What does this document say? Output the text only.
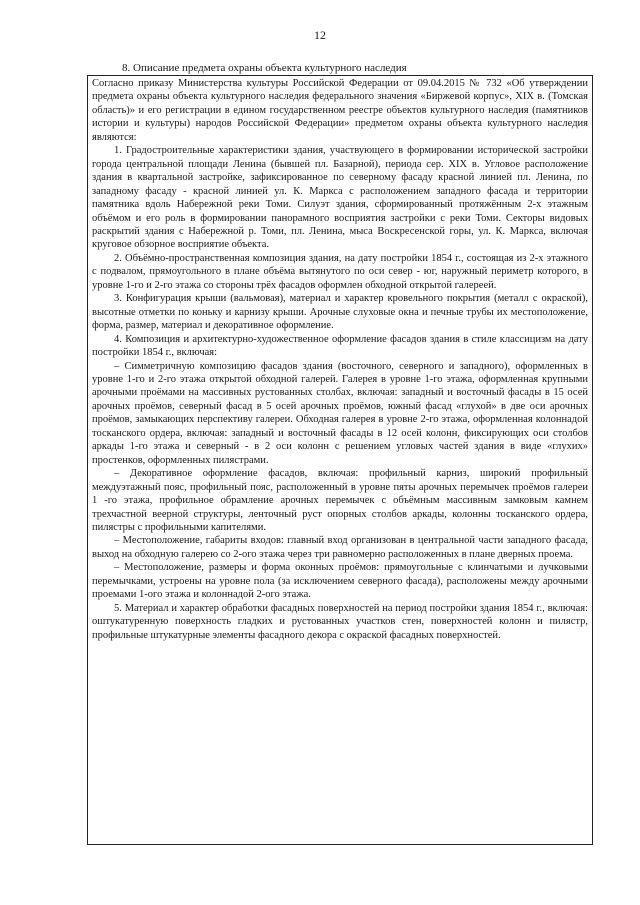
12
8. Описание предмета охраны объекта культурного наследия

Согласно приказу Министерства культуры Российской Федерации от 09.04.2015 № 732 «Об утверждении предмета охраны объекта культурного наследия федерального значения «Биржевой корпус», XIX в. (Томская область)» и его регистрации в едином государственном реестре объектов культурного наследия (памятников истории и культуры) народов Российской Федерации» предметом охраны объекта культурного наследия являются:

1. Градостроительные характеристики здания, участвующего в формировании исторической застройки города центральной площади Ленина (бывшей пл. Базарной), периода сер. XIX в. Угловое расположение здания в квартальной застройке, зафиксированное по северному фасаду красной линией пл. Ленина, по западному фасаду - красной линией ул. К. Маркса с расположением западного фасада и территории памятника вдоль Набережной реки Томи. Силуэт здания, сформированный протяжённым 2-х этажным объёмом и его роль в формировании панорамного восприятия застройки с реки Томи. Секторы видовых раскрытий здания с Набережной р. Томи, пл. Ленина, мыса Воскресенской горы, ул. К. Маркса, включая круговое обзорное восприятие объекта.

2. Объёмно-пространственная композиция здания, на дату постройки 1854 г., состоящая из 2-х этажного с подвалом, прямоугольного в плане объёма вытянутого по оси север - юг, наружный периметр которого, в уровне 1-го и 2-го этажа со стороны трёх фасадов оформлен обходной открытой галереей.

3. Конфигурация крыши (вальмовая), материал и характер кровельного покрытия (металл с окраской), высотные отметки по коньку и карнизу крыши. Арочные слуховые окна и печные трубы их местоположение, форма, размер, материал и декоративное оформление.

4. Композиция и архитектурно-художественное оформление фасадов здания в стиле классицизм на дату постройки 1854 г., включая:

– Симметричную композицию фасадов здания (восточного, северного и западного), оформленных в уровне 1-го и 2-го этажа открытой обходной галерей. Галерея в уровне 1-го этажа, оформленная крупными арочными проёмами на массивных рустованных столбах, включая: западный и восточный фасады в 15 осей арочных проёмов, северный фасад в 5 осей арочных проёмов, южный фасад «глухой» в две оси арочных проёмов, замыкающих перспективу галереи. Обходная галерея в уровне 2-го этажа, оформленная колоннадой тосканского ордера, включая: западный и восточный фасады в 12 осей колонн, фиксирующих оси столбов аркады 1-го этажа и северный - в 2 оси колонн с решением угловых частей здания в виде «глухих» простенков, оформленных пилястрами.

– Декоративное оформление фасадов, включая: профильный карниз, широкий профильный междуэтажный пояс, профильный пояс, расположенный в уровне пяты арочных перемычек проёмов галереи 1 -го этажа, профильное обрамление арочных перемычек с объёмным массивным замковым камнем трехчастной веерной структуры, ленточный руст опорных столбов аркады, колонны тосканского ордера, пилястры с профильными капителями.

– Местоположение, габариты входов: главный вход организован в центральной части западного фасада, выход на обходную галерею со 2-ого этажа через три равномерно расположенных в плане дверных проема.

– Местоположение, размеры и форма оконных проёмов: прямоугольные с клинчатыми и лучковыми перемычками, устроены на уровне пола (за исключением северного фасада), расположены между арочными проемами 1-ого этажа и колоннадой 2-ого этажа.

5. Материал и характер обработки фасадных поверхностей на период постройки здания 1854 г., включая: оштукатуренную поверхность гладких и рустованных участков стен, поверхностей колонн и пилястр, профильные штукатурные элементы фасадного декора с окраской фасадных поверхностей.
